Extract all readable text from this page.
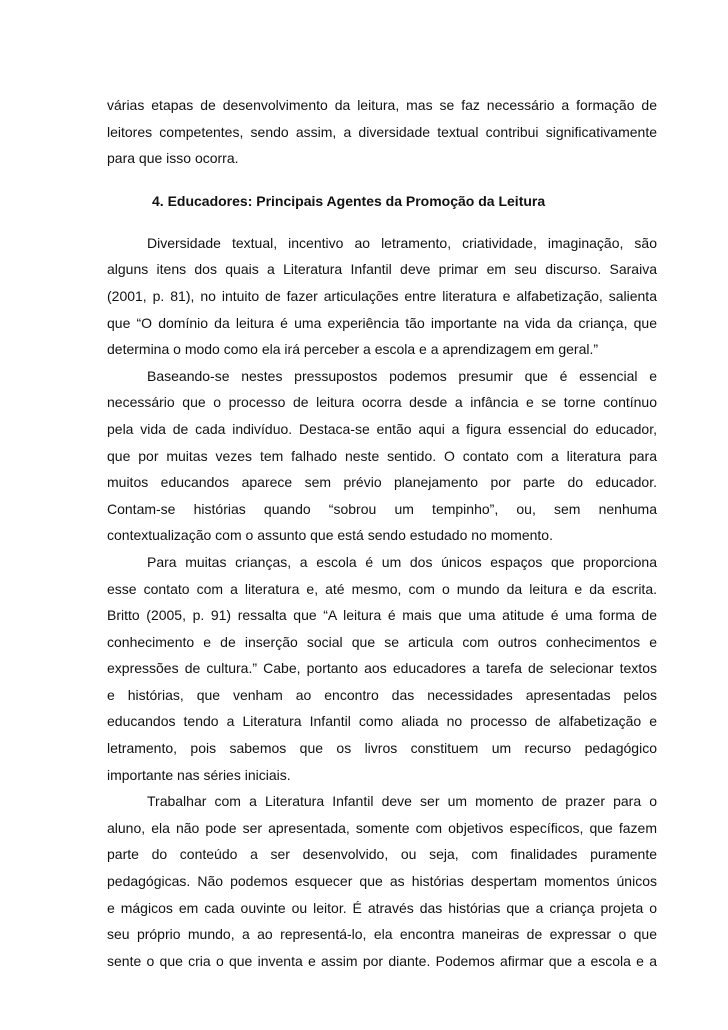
várias etapas de desenvolvimento da leitura, mas se faz necessário a formação de
leitores competentes, sendo assim, a diversidade textual contribui significativamente
para que isso ocorra.
4. Educadores: Principais Agentes da Promoção da Leitura
Diversidade textual, incentivo ao letramento, criatividade, imaginação, são
alguns itens dos quais a Literatura Infantil deve primar em seu discurso. Saraiva
(2001, p. 81), no intuito de fazer articulações entre literatura e alfabetização, salienta
que “O domínio da leitura é uma experiência tão importante na vida da criança, que
determina o modo como ela irá perceber a escola e a aprendizagem em geral.”
Baseando-se nestes pressupostos podemos presumir que é essencial e
necessário que o processo de leitura ocorra desde a infância e se torne contínuo
pela vida de cada indivíduo. Destaca-se então aqui a figura essencial do educador,
que por muitas vezes tem falhado neste sentido. O contato com a literatura para
muitos educandos aparece sem prévio planejamento por parte do educador.
Contam-se histórias quando “sobrou um tempinho”, ou, sem nenhuma
contextualização com o assunto que está sendo estudado no momento.
Para muitas crianças, a escola é um dos únicos espaços que proporciona
esse contato com a literatura e, até mesmo, com o mundo da leitura e da escrita.
Britto (2005, p. 91) ressalta que “A leitura é mais que uma atitude é uma forma de
conhecimento e de inserção social que se articula com outros conhecimentos e
expressões de cultura.” Cabe, portanto aos educadores a tarefa de selecionar textos
e histórias, que venham ao encontro das necessidades apresentadas pelos
educandos tendo a Literatura Infantil como aliada no processo de alfabetização e
letramento, pois sabemos que os livros constituem um recurso pedagógico
importante nas séries iniciais.
Trabalhar com a Literatura Infantil deve ser um momento de prazer para o
aluno, ela não pode ser apresentada, somente com objetivos específicos, que fazem
parte do conteúdo a ser desenvolvido, ou seja, com finalidades puramente
pedagógicas. Não podemos esquecer que as histórias despertam momentos únicos
e mágicos em cada ouvinte ou leitor. É através das histórias que a criança projeta o
seu próprio mundo, a ao representá-lo, ela encontra maneiras de expressar o que
sente o que cria o que inventa e assim por diante. Podemos afirmar que a escola e a
